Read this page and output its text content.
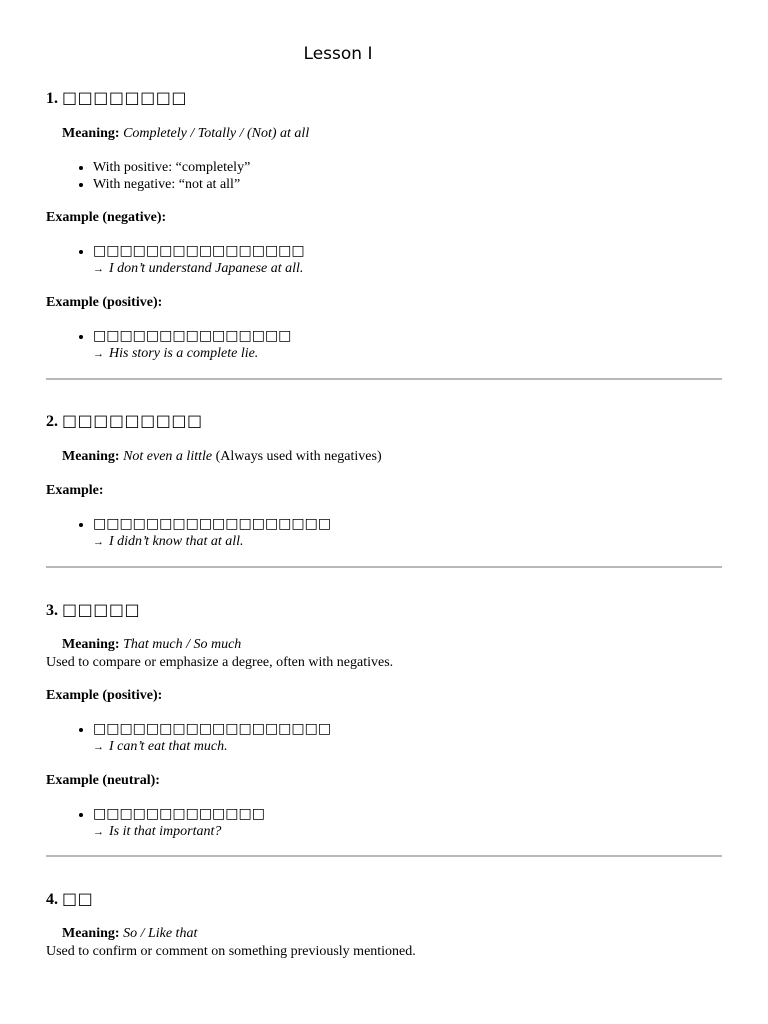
Lesson I
1. □□□□□□□□
Meaning: Completely / Totally / (Not) at all
• With positive: “completely”
• With negative: “not at all”
Example (negative):
• □□□□□□□□□□□□□□□□
→ I don’t understand Japanese at all.
Example (positive):
• □□□□□□□□□□□□□□□
→ His story is a complete lie.
2. □□□□□□□□□
Meaning: Not even a little (Always used with negatives)
Example:
• □□□□□□□□□□□□□□□□□□
→ I didn’t know that at all.
3. □□□□□
Meaning: That much / So much
Used to compare or emphasize a degree, often with negatives.
Example (positive):
• □□□□□□□□□□□□□□□□□□
→ I can’t eat that much.
Example (neutral):
• □□□□□□□□□□□□□
→ Is it that important?
4. □□
Meaning: So / Like that
Used to confirm or comment on something previously mentioned.
